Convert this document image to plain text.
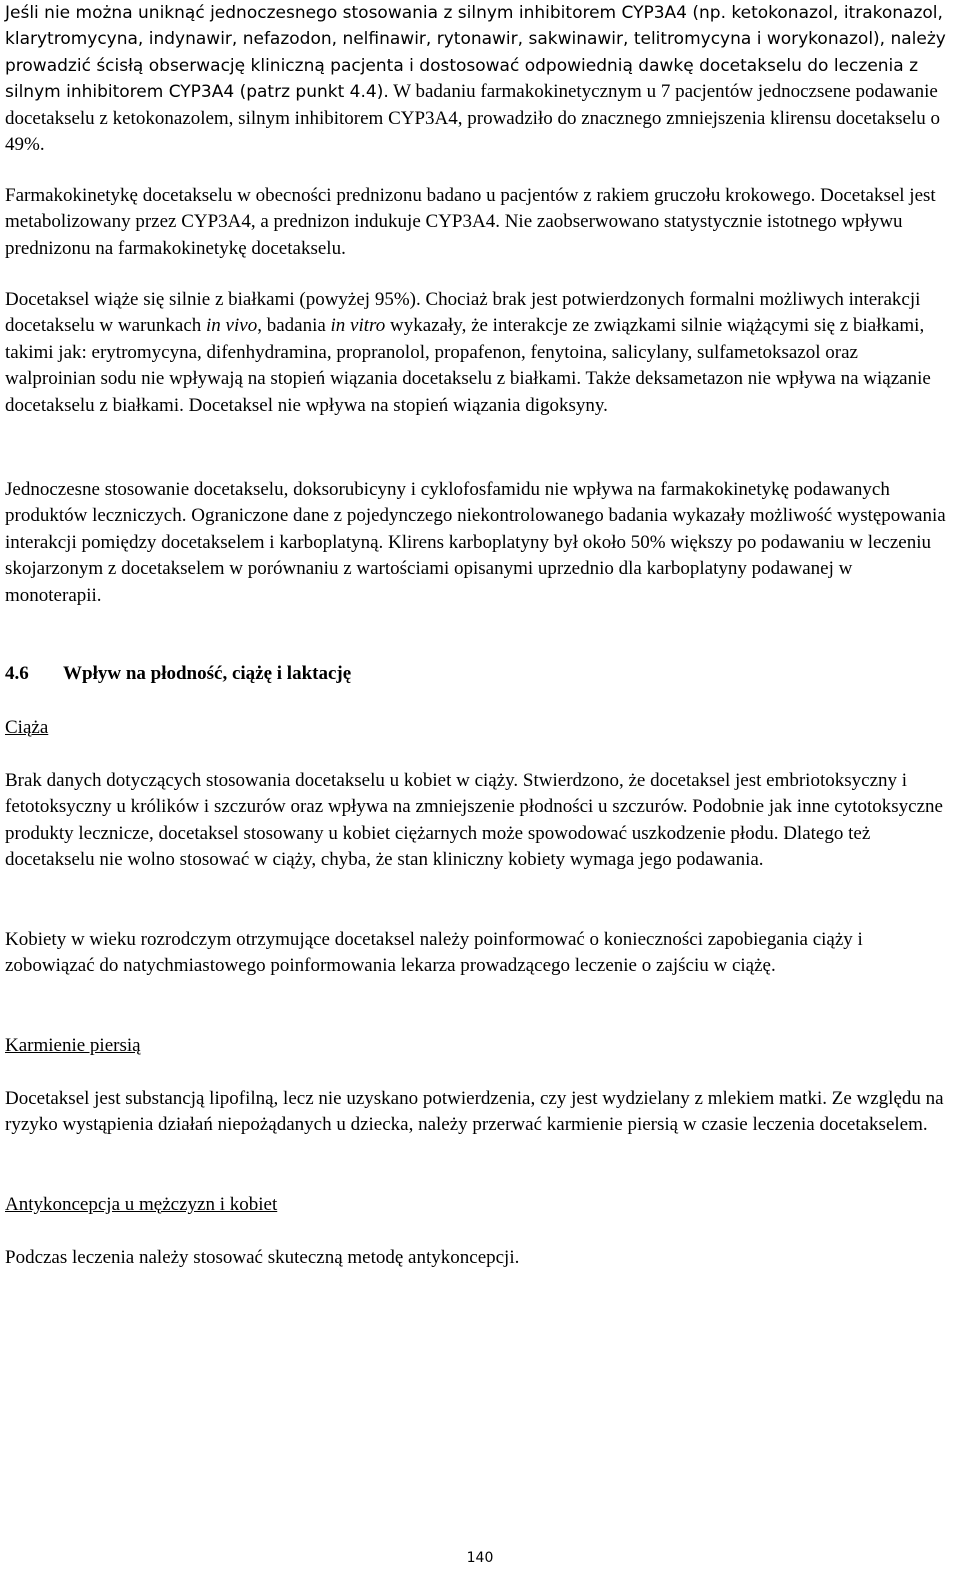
Jeśli nie można uniknąć jednoczesnego stosowania z silnym inhibitorem CYP3A4 (np. ketokonazol, itrakonazol, klarytromycyna, indynawir, nefazodon, nelfinawir, rytonawir, sakwinawir, telitromycyna i worykonazol), należy prowadzić ścisłą obserwację kliniczną pacjenta i dostosować odpowiednią dawkę docetakselu do leczenia z silnym inhibitorem CYP3A4 (patrz punkt 4.4). W badaniu farmakokinetycznym u 7 pacjentów jednoczsene podawanie docetakselu z ketokonazolem, silnym inhibitorem CYP3A4, prowadziło do znacznego zmniejszenia klirensu docetakselu o 49%.

Farmakokinetykę docetakselu w obecności prednizonu badano u pacjentów z rakiem gruczołu krokowego. Docetaksel jest metabolizowany przez CYP3A4, a prednizon indukuje CYP3A4. Nie zaobserwowano statystycznie istotnego wpływu prednizonu na farmakokinetykę docetakselu.

Docetaksel wiąże się silnie z białkami (powyżej 95%). Chociaż brak jest potwierdzonych formalni możliwych interakcji docetakselu w warunkach in vivo, badania in vitro wykazały, że interakcje ze związkami silnie wiążącymi się z białkami, takimi jak: erytromycyna, difenhydramina, propranolol, propafenon, fenytoina, salicylany, sulfametoksazol oraz walproinian sodu nie wpływają na stopień wiązania docetakselu z białkami. Także deksametazon nie wpływa na wiązanie docetakselu z białkami. Docetaksel nie wpływa na stopień wiązania digoksyny.

Jednoczesne stosowanie docetakselu, doksorubicyny i cyklofosfamidu nie wpływa na farmakokinetykę podawanych produktów leczniczych. Ograniczone dane z pojedynczego niekontrolowanego badania wykazały możliwość występowania interakcji pomiędzy docetakselem i karboplatyną. Klirens karboplatyny był około 50% większy po podawaniu w leczeniu skojarzonym z docetakselem w porównaniu z wartościami opisanymi uprzednio dla karboplatyny podawanej w monoterapii.

4.6 Wpływ na płodność, ciążę i laktację

Ciąża

Brak danych dotyczących stosowania docetakselu u kobiet w ciąży. Stwierdzono, że docetaksel jest embriotoksyczny i fetotoksyczny u królików i szczurów oraz wpływa na zmniejszenie płodności u szczurów. Podobnie jak inne cytotoksyczne produkty lecznicze, docetaksel stosowany u kobiet ciężarnych może spowodować uszkodzenie płodu. Dlatego też docetakselu nie wolno stosować w ciąży, chyba, że stan kliniczny kobiety wymaga jego podawania.

Kobiety w wieku rozrodczym otrzymujące docetaksel należy poinformować o konieczności zapobiegania ciąży i zobowiązać do natychmiastowego poinformowania lekarza prowadzącego leczenie o zajściu w ciążę.

Karmienie piersią

Docetaksel jest substancją lipofilną, lecz nie uzyskano potwierdzenia, czy jest wydzielany z mlekiem matki. Ze względu na ryzyko wystąpienia działań niepożądanych u dziecka, należy przerwać karmienie piersią w czasie leczenia docetakselem.

Antykoncepcja u mężczyzn i kobiet

Podczas leczenia należy stosować skuteczną metodę antykoncepcji.

140
